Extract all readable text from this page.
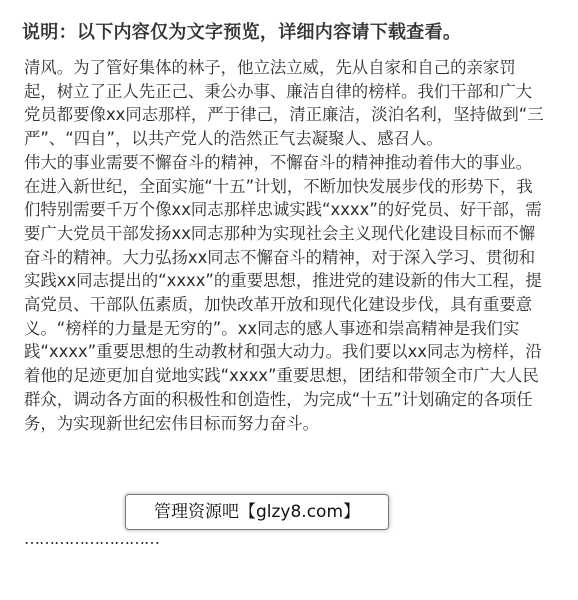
说明：以下内容仅为文字预览，详细内容请下载查看。

清风。为了管好集体的林子，他立法立威，先从自家和自己的亲家罚起，树立了正人先正己、秉公办事、廉洁自律的榜样。我们干部和广大党员都要像xx同志那样，严于律己，清正廉洁，淡泊名利，坚持做到“三严”、“四自”，以共产党人的浩然正气去凝聚人、感召人。

伟大的事业需要不懈奋斗的精神，不懈奋斗的精神推动着伟大的事业。在进入新世纪，全面实施“十五”计划，不断加快发展步伐的形势下，我们特别需要千万个像xx同志那样忠诚实践“xxxx”的好党员、好干部，需要广大党员干部发扬xx同志那种为实现社会主义现代化建设目标而不懈奋斗的精神。大力弘扬xx同志不懈奋斗的精神，对于深入学习、贯彻和实践xx同志提出的“xxxx”的重要思想，推进党的建设新的伟大工程，提高党员、干部队伍素质，加快改革开放和现代化建设步伐，具有重要意义。“榜样的力量是无穷的”。xx同志的感人事迹和崇高精神是我们实践“xxxx”重要思想的生动教材和强大动力。我们要以xx同志为榜样，沿着他的足迹更加自觉地实践“xxxx”重要思想，团结和带领全市广大人民群众，调动各方面的积极性和创造性，为完成“十五”计划确定的各项任务，为实现新世纪宏伟目标而努力奋斗。

管理资源吧【glzy8.com】
………………………
